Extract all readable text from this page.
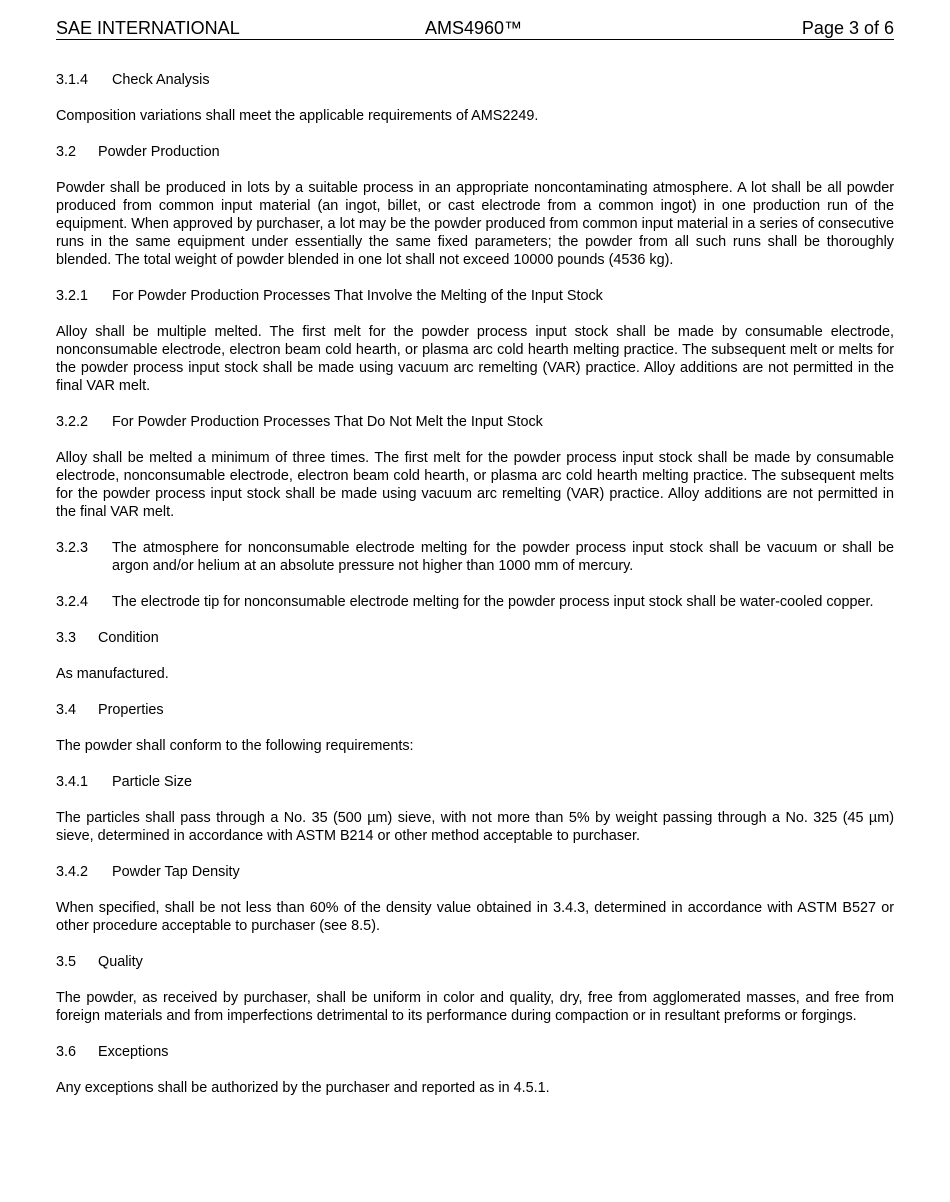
SAE INTERNATIONAL	AMS4960™	Page 3 of 6
3.1.4 Check Analysis

Composition variations shall meet the applicable requirements of AMS2249.

3.2 Powder Production

Powder shall be produced in lots by a suitable process in an appropriate noncontaminating atmosphere. A lot shall be all powder produced from common input material (an ingot, billet, or cast electrode from a common ingot) in one production run of the equipment. When approved by purchaser, a lot may be the powder produced from common input material in a series of consecutive runs in the same equipment under essentially the same fixed parameters; the powder from all such runs shall be thoroughly blended. The total weight of powder blended in one lot shall not exceed 10000 pounds (4536 kg).

3.2.1 For Powder Production Processes That Involve the Melting of the Input Stock

Alloy shall be multiple melted. The first melt for the powder process input stock shall be made by consumable electrode, nonconsumable electrode, electron beam cold hearth, or plasma arc cold hearth melting practice. The subsequent melt or melts for the powder process input stock shall be made using vacuum arc remelting (VAR) practice. Alloy additions are not permitted in the final VAR melt.

3.2.2 For Powder Production Processes That Do Not Melt the Input Stock

Alloy shall be melted a minimum of three times. The first melt for the powder process input stock shall be made by consumable electrode, nonconsumable electrode, electron beam cold hearth, or plasma arc cold hearth melting practice. The subsequent melts for the powder process input stock shall be made using vacuum arc remelting (VAR) practice. Alloy additions are not permitted in the final VAR melt.

3.2.3	The atmosphere for nonconsumable electrode melting for the powder process input stock shall be vacuum or shall be argon and/or helium at an absolute pressure not higher than 1000 mm of mercury.
3.2.4	The electrode tip for nonconsumable electrode melting for the powder process input stock shall be water-cooled copper.
3.3 Condition

As manufactured.

3.4 Properties

The powder shall conform to the following requirements:

3.4.1 Particle Size

The particles shall pass through a No. 35 (500 µm) sieve, with not more than 5% by weight passing through a No. 325 (45 µm) sieve, determined in accordance with ASTM B214 or other method acceptable to purchaser.

3.4.2 Powder Tap Density

When specified, shall be not less than 60% of the density value obtained in 3.4.3, determined in accordance with ASTM B527 or other procedure acceptable to purchaser (see 8.5).

3.5 Quality

The powder, as received by purchaser, shall be uniform in color and quality, dry, free from agglomerated masses, and free from foreign materials and from imperfections detrimental to its performance during compaction or in resultant preforms or forgings.

3.6 Exceptions

Any exceptions shall be authorized by the purchaser and reported as in 4.5.1.
